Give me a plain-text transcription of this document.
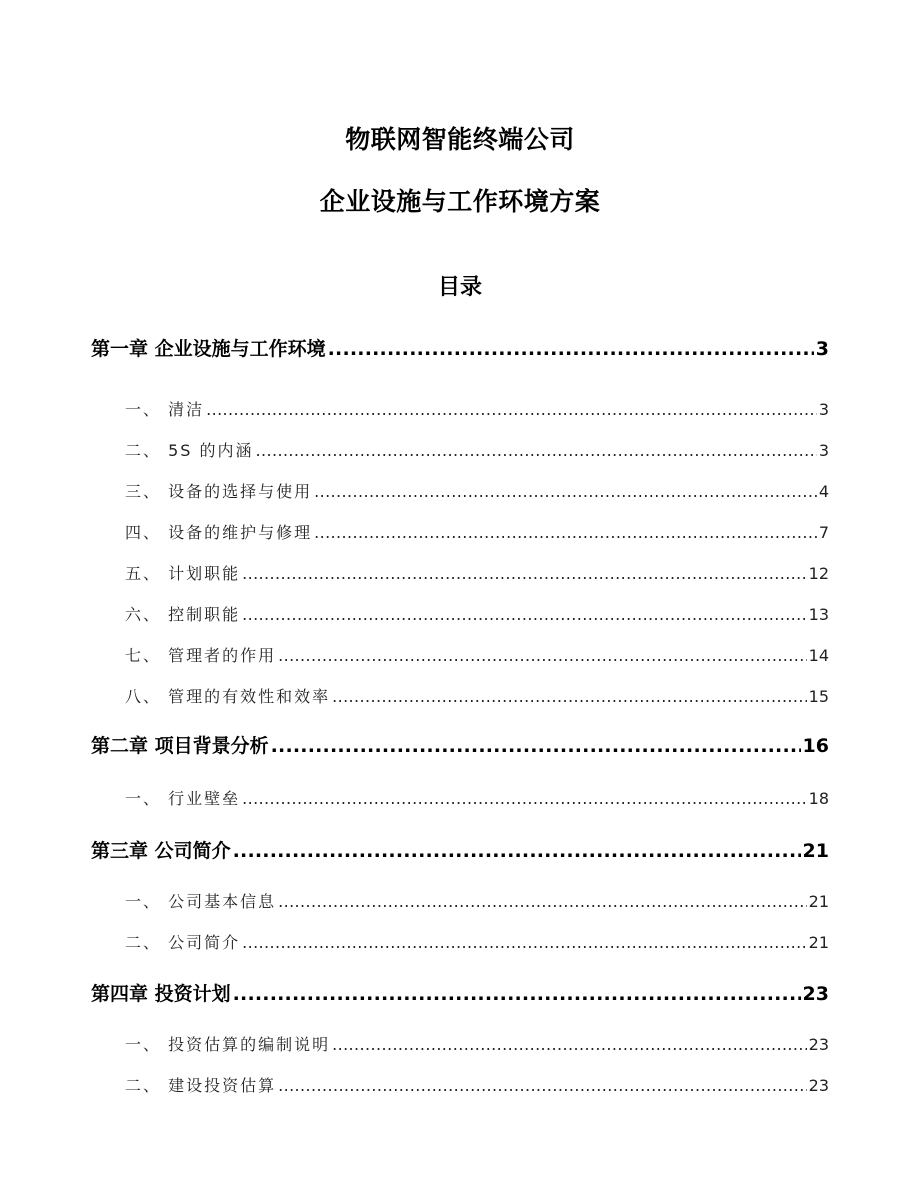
物联网智能终端公司
企业设施与工作环境方案
目录
第一章 企业设施与工作环境 .....	3
一、 清洁 .....	3
二、 5S 的内涵 .....	3
三、 设备的选择与使用 .....	4
四、 设备的维护与修理 .....	7
五、 计划职能 .....	12
六、 控制职能 .....	13
七、 管理者的作用 .....	14
八、 管理的有效性和效率 .....	15
第二章 项目背景分析 .....	16
一、 行业壁垒 .....	18
第三章 公司简介 .....	21
一、 公司基本信息 .....	21
二、 公司简介 .....	21
第四章 投资计划 .....	23
一、 投资估算的编制说明 .....	23
二、 建设投资估算 .....	23
